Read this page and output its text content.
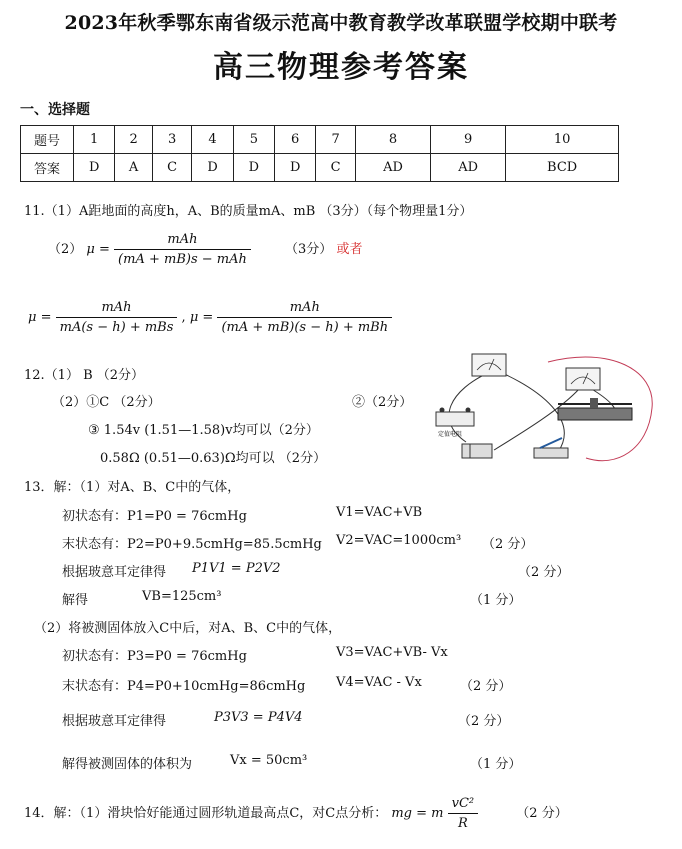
2023年秋季鄂东南省级示范高中教育教学改革联盟学校期中联考
高三物理参考答案
一、选择题
题号	1	2	3	4	5	6	7	8	9	10
答案	D	A	C	D	D	D	C	AD	AD	BCD
11.（1）A距地面的高度h，A、B的质量mA、mB （3分）（每个物理量1分）
（2） $\mu = \frac{\text{mAh}}{\text{(mA + mB)s − mAh}}$	（3分） 或者
$\mu = \frac{\text{mAh}}{\text{mA(s − h) + mBs}}$ , $\mu = \frac{\text{mAh}}{\text{(mA + mB)(s − h) + mBh}}$
12.（1） B （2分）
（2）①C （2分）	②（2分）
③ 1.54v (1.51—1.58)v均可以（2分）
0.58Ω (0.51—0.63)Ω均可以 （2分）
定值电阻
13．解：（1）对A、B、C中的气体，
初状态有：P1=P0 = 76cmHg	V1=VAC+VB
末状态有：P2=P0+9.5cmHg=85.5cmHg V2=VAC=1000cm³ （2 分）
根据玻意耳定律得 P1V1 = P2V2	（2 分）
解得	VB=125cm³	（1 分）
（2）将被测固体放入C中后，对A、B、C中的气体，
初状态有：P3=P0 = 76cmHg	V3=VAC+VB- Vx
末状态有：P4=P0+10cmHg=86cmHg V4=VAC - Vx	（2 分）
根据玻意耳定律得	P3V3 = P4V4	（2 分）
解得被测固体的体积为	Vx = 50cm³	（1 分）
14．解：（1）滑块恰好能通过圆形轨道最高点C，对C点分析： mg = m $\frac{\text{vC²}}{R}$	（2 分）
